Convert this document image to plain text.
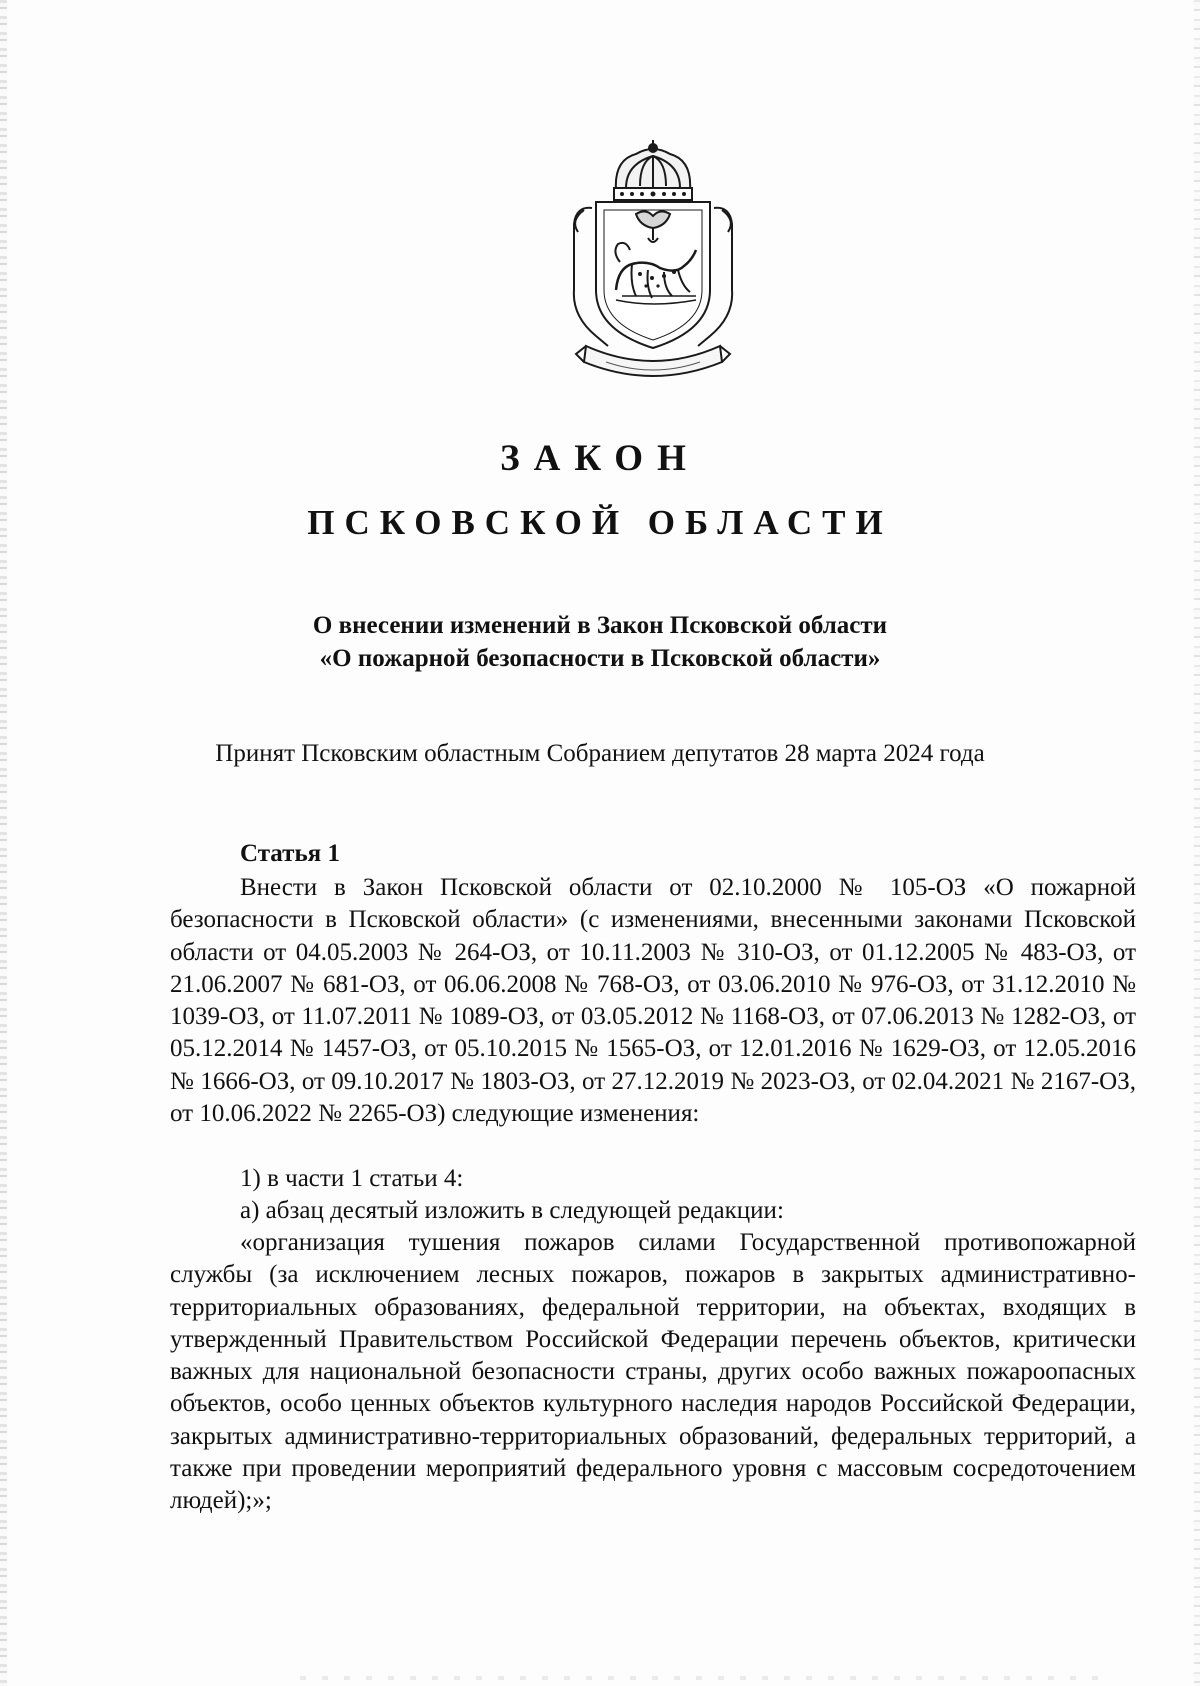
ЗАКОН

ПСКОВСКОЙ ОБЛАСТИ

О внесении изменений в Закон Псковской области

«О пожарной безопасности в Псковской области»

Принят Псковским областным Собранием депутатов 28 марта 2024 года

Статья 1

Внести в Закон Псковской области от 02.10.2000 № 105-ОЗ «О пожарной безопасности в Псковской области» (с изменениями, внесенными законами Псковской области от 04.05.2003 № 264-ОЗ, от 10.11.2003 № 310-ОЗ, от 01.12.2005 № 483-ОЗ, от 21.06.2007 № 681-ОЗ, от 06.06.2008 № 768-ОЗ, от 03.06.2010 № 976-ОЗ, от 31.12.2010 № 1039-ОЗ, от 11.07.2011 № 1089-ОЗ, от 03.05.2012 № 1168-ОЗ, от 07.06.2013 № 1282-ОЗ, от 05.12.2014 № 1457-ОЗ, от 05.10.2015 № 1565-ОЗ, от 12.01.2016 № 1629-ОЗ, от 12.05.2016 № 1666-ОЗ, от 09.10.2017 № 1803-ОЗ, от 27.12.2019 № 2023-ОЗ, от 02.04.2021 № 2167-ОЗ, от 10.06.2022 № 2265-ОЗ) следующие изменения:

1) в части 1 статьи 4:

а) абзац десятый изложить в следующей редакции:

«организация тушения пожаров силами Государственной противопожарной службы (за исключением лесных пожаров, пожаров в закрытых административно-территориальных образованиях, федеральной территории, на объектах, входящих в утвержденный Правительством Российской Федерации перечень объектов, критически важных для национальной безопасности страны, других особо важных пожароопасных объектов, особо ценных объектов культурного наследия народов Российской Федерации, закрытых административно-территориальных образований, федеральных территорий, а также при проведении мероприятий федерального уровня с массовым сосредоточением людей);»;
